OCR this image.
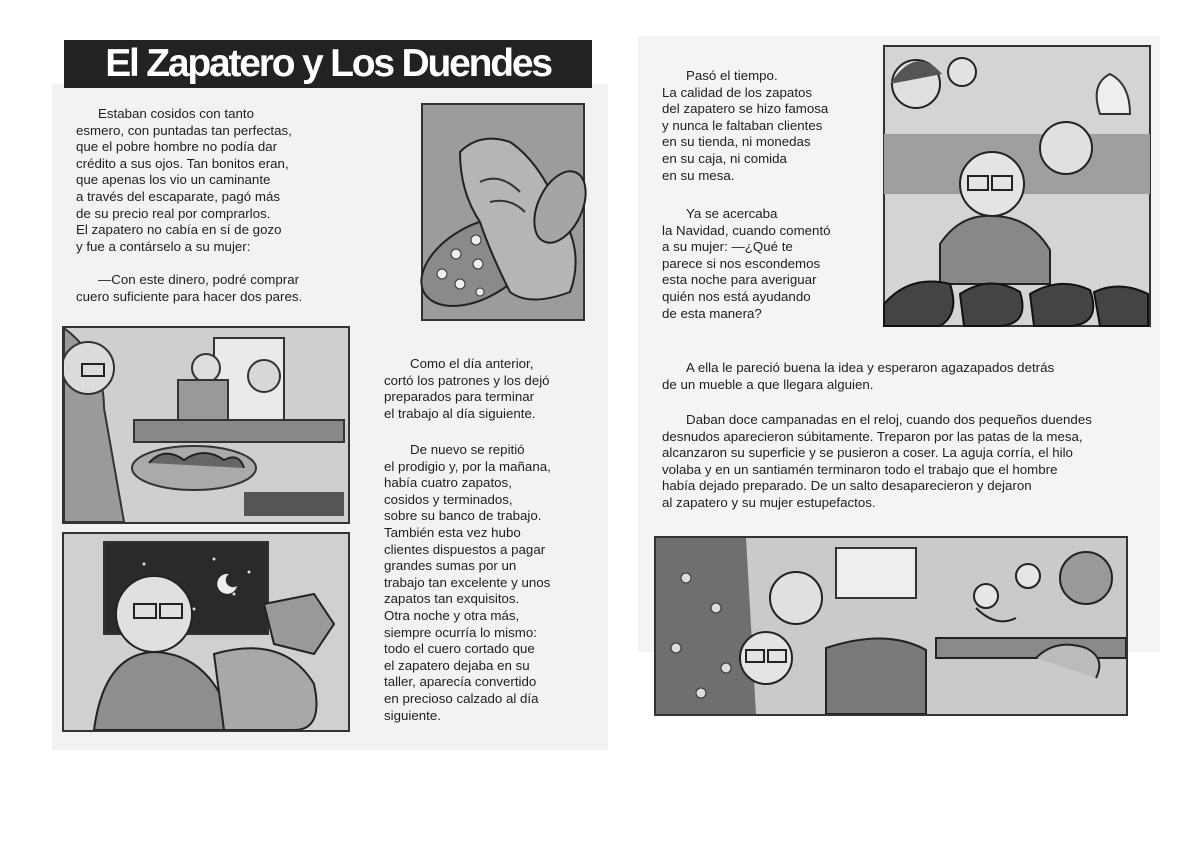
El Zapatero y Los Duendes
Estaban cosidos con tanto
esmero, con puntadas tan perfectas,
que el pobre hombre no podía dar
crédito a sus ojos. Tan bonitos eran,
que apenas los vio un caminante
a través del escaparate, pagó más
de su precio real por comprarlos.
El zapatero no cabía en sí de gozo
y fue a contárselo a su mujer:
—Con este dinero, podré comprar
cuero suficiente para hacer dos pares.
Como el día anterior,
cortó los patrones y los dejó
preparados para terminar
el trabajo al día siguiente.
De nuevo se repitió
el prodigio y, por la mañana,
había cuatro zapatos,
cosidos y terminados,
sobre su banco de trabajo.
También esta vez hubo
clientes dispuestos a pagar
grandes sumas por un
trabajo tan excelente y unos
zapatos tan exquisitos.
Otra noche y otra más,
siempre ocurría lo mismo:
todo el cuero cortado que
el zapatero dejaba en su
taller, aparecía convertido
en precioso calzado al día
siguiente.
Pasó el tiempo.
La calidad de los zapatos
del zapatero se hizo famosa
y nunca le faltaban clientes
en su tienda, ni monedas
en su caja, ni comida
en su mesa.
Ya se acercaba
la Navidad, cuando comentó
a su mujer: —¿Qué te
parece si nos escondemos
esta noche para averiguar
quién nos está ayudando
de esta manera?
A ella le pareció buena la idea y esperaron agazapados detrás
de un mueble a que llegara alguien.
Daban doce campanadas en el reloj, cuando dos pequeños duendes
desnudos aparecieron súbitamente. Treparon por las patas de la mesa,
alcanzaron su superficie y se pusieron a coser. La aguja corría, el hilo
volaba y en un santiamén terminaron todo el trabajo que el hombre
había dejado preparado. De un salto desaparecieron y dejaron
al zapatero y su mujer estupefactos.
